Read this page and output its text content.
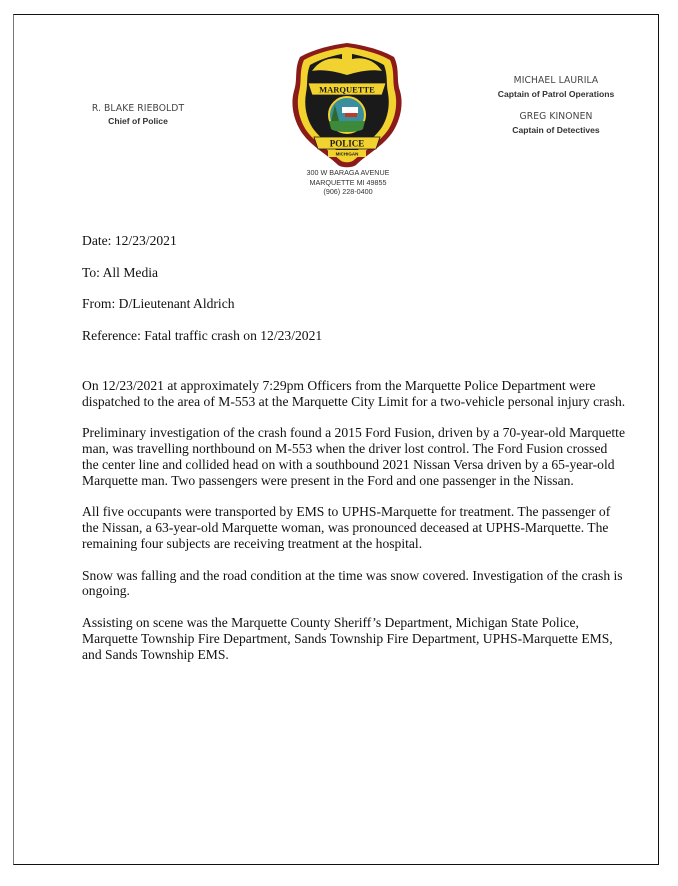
R. BLAKE RIEBOLDT
Chief of Police
MARQUETTE
POLICE
MICHIGAN
300 W BARAGA AVENUE
MARQUETTE MI 49855
(906) 228-0400
MICHAEL LAURILA
Captain of Patrol Operations
GREG KINONEN
Captain of Detectives
Date: 12/23/2021
To: All Media
From: D/Lieutenant Aldrich
Reference: Fatal traffic crash on 12/23/2021

On 12/23/2021 at approximately 7:29pm Officers from the Marquette Police Department were dispatched to the area of M-553 at the Marquette City Limit for a two-vehicle personal injury crash.

Preliminary investigation of the crash found a 2015 Ford Fusion, driven by a 70-year-old Marquette man, was travelling northbound on M-553 when the driver lost control. The Ford Fusion crossed the center line and collided head on with a southbound 2021 Nissan Versa driven by a 65-year-old Marquette man. Two passengers were present in the Ford and one passenger in the Nissan.

All five occupants were transported by EMS to UPHS-Marquette for treatment. The passenger of the Nissan, a 63-year-old Marquette woman, was pronounced deceased at UPHS-Marquette. The remaining four subjects are receiving treatment at the hospital.

Snow was falling and the road condition at the time was snow covered. Investigation of the crash is ongoing.

Assisting on scene was the Marquette County Sheriff’s Department, Michigan State Police, Marquette Township Fire Department, Sands Township Fire Department, UPHS-Marquette EMS, and Sands Township EMS.
